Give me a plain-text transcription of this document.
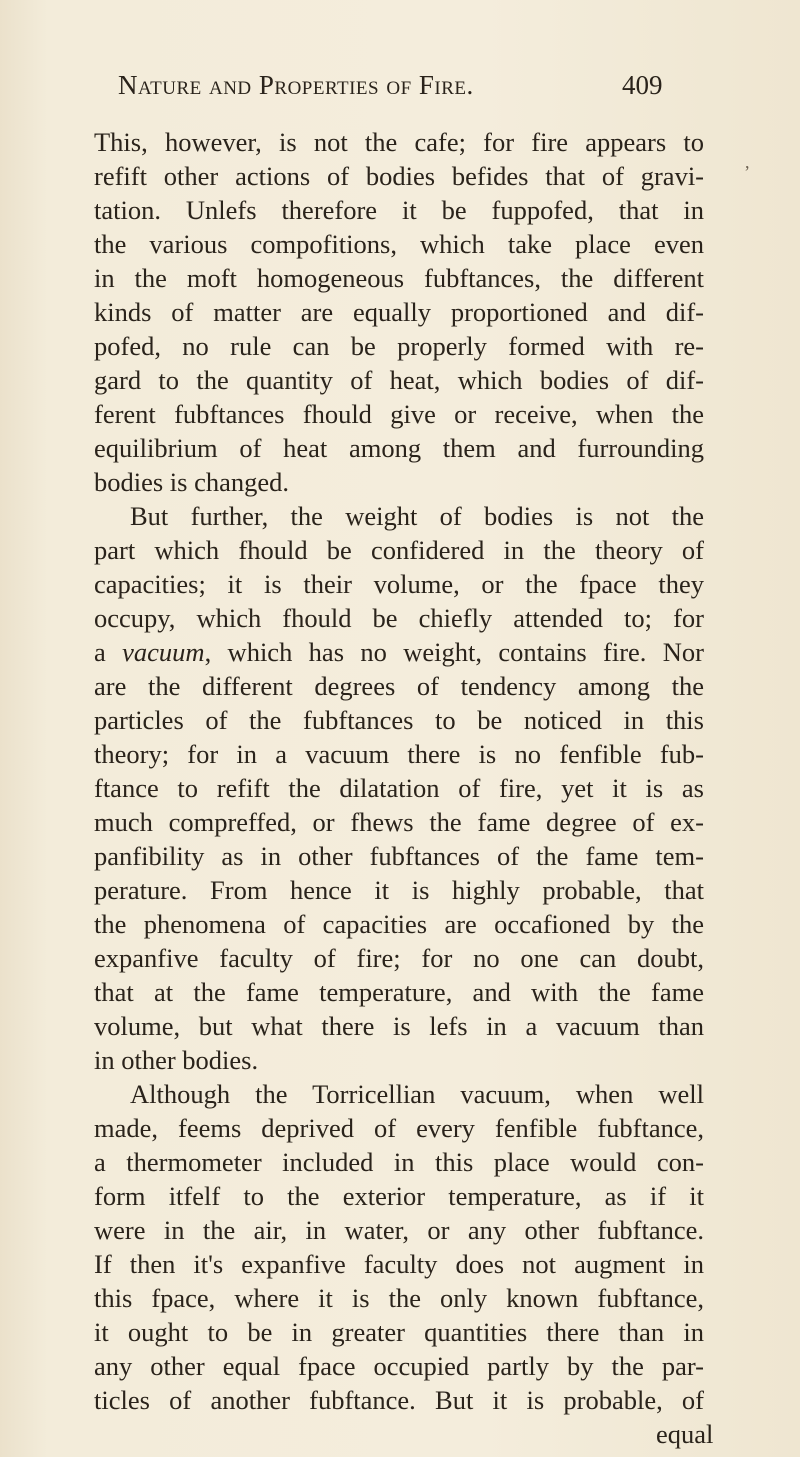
Nature and Properties of Fire.	409
,
This, however, is not the cafe; for fire appears to
refift other actions of bodies befides that of gravi-
tation. Unlefs therefore it be fuppofed, that in
the various compofitions, which take place even
in the moft homogeneous fubftances, the different
kinds of matter are equally proportioned and dif-
pofed, no rule can be properly formed with re-
gard to the quantity of heat, which bodies of dif-
ferent fubftances fhould give or receive, when the
equilibrium of heat among them and furrounding
bodies is changed.
But further, the weight of bodies is not the
part which fhould be confidered in the theory of
capacities; it is their volume, or the fpace they
occupy, which fhould be chiefly attended to; for
a vacuum, which has no weight, contains fire. Nor
are the different degrees of tendency among the
particles of the fubftances to be noticed in this
theory; for in a vacuum there is no fenfible fub-
ftance to refift the dilatation of fire, yet it is as
much compreffed, or fhews the fame degree of ex-
panfibility as in other fubftances of the fame tem-
perature. From hence it is highly probable, that
the phenomena of capacities are occafioned by the
expanfive faculty of fire; for no one can doubt,
that at the fame temperature, and with the fame
volume, but what there is lefs in a vacuum than
in other bodies.
Although the Torricellian vacuum, when well
made, feems deprived of every fenfible fubftance,
a thermometer included in this place would con-
form itfelf to the exterior temperature, as if it
were in the air, in water, or any other fubftance.
If then it's expanfive faculty does not augment in
this fpace, where it is the only known fubftance,
it ought to be in greater quantities there than in
any other equal fpace occupied partly by the par-
ticles of another fubftance. But it is probable, of
equal
